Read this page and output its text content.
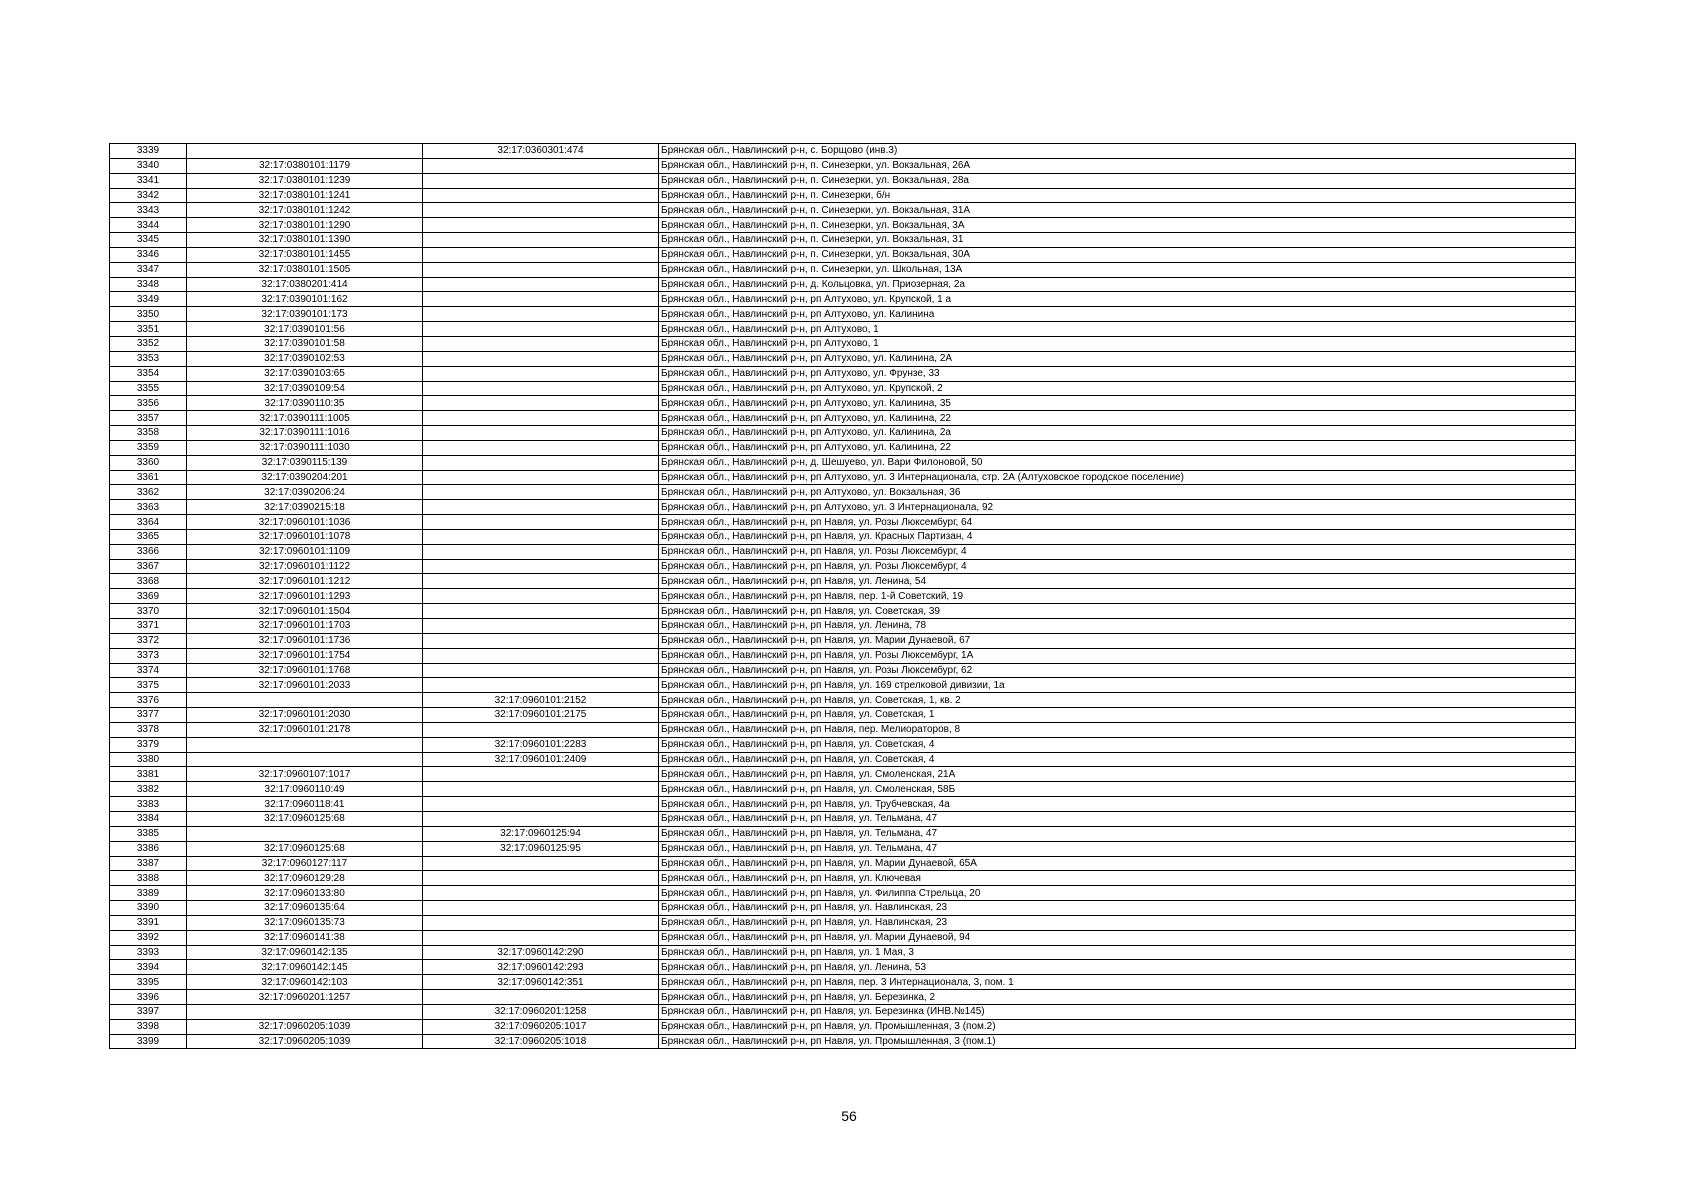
3339		32:17:0360301:474	Брянская обл., Навлинский р-н, с. Борщово (инв.3)
3340	32:17:0380101:1179		Брянская обл., Навлинский р-н, п. Синезерки, ул. Вокзальная, 26А
3341	32:17:0380101:1239		Брянская обл., Навлинский р-н, п. Синезерки, ул. Вокзальная, 28а
3342	32:17:0380101:1241		Брянская обл., Навлинский р-н, п. Синезерки, б/н
3343	32:17:0380101:1242		Брянская обл., Навлинский р-н, п. Синезерки, ул. Вокзальная, 31А
3344	32:17:0380101:1290		Брянская обл., Навлинский р-н, п. Синезерки, ул. Вокзальная, 3А
3345	32:17:0380101:1390		Брянская обл., Навлинский р-н, п. Синезерки, ул. Вокзальная, 31
3346	32:17:0380101:1455		Брянская обл., Навлинский р-н, п. Синезерки, ул. Вокзальная, 30А
3347	32:17:0380101:1505		Брянская обл., Навлинский р-н, п. Синезерки, ул. Школьная, 13А
3348	32:17:0380201:414		Брянская обл., Навлинский р-н, д. Кольцовка, ул. Приозерная, 2а
3349	32:17:0390101:162		Брянская обл., Навлинский р-н, рп Алтухово, ул. Крупской, 1 а
3350	32:17:0390101:173		Брянская обл., Навлинский р-н, рп Алтухово, ул. Калинина
3351	32:17:0390101:56		Брянская обл., Навлинский р-н, рп Алтухово, 1
3352	32:17:0390101:58		Брянская обл., Навлинский р-н, рп Алтухово, 1
3353	32:17:0390102:53		Брянская обл., Навлинский р-н, рп Алтухово, ул. Калинина, 2А
3354	32:17:0390103:65		Брянская обл., Навлинский р-н, рп Алтухово, ул. Фрунзе, 33
3355	32:17:0390109:54		Брянская обл., Навлинский р-н, рп Алтухово, ул. Крупской, 2
3356	32:17:0390110:35		Брянская обл., Навлинский р-н, рп Алтухово, ул. Калинина, 35
3357	32:17:0390111:1005		Брянская обл., Навлинский р-н, рп Алтухово, ул. Калинина, 22
3358	32:17:0390111:1016		Брянская обл., Навлинский р-н, рп Алтухово, ул. Калинина, 2а
3359	32:17:0390111:1030		Брянская обл., Навлинский р-н, рп Алтухово, ул. Калинина, 22
3360	32:17:0390115:139		Брянская обл., Навлинский р-н, д. Шешуево, ул. Вари Филоновой, 50
3361	32:17:0390204:201		Брянская обл., Навлинский р-н, рп Алтухово, ул. 3 Интернационала, стр. 2А (Алтуховское городское поселение)
3362	32:17:0390206:24		Брянская обл., Навлинский р-н, рп Алтухово, ул. Вокзальная, 36
3363	32:17:0390215:18		Брянская обл., Навлинский р-н, рп Алтухово, ул. 3 Интернационала, 92
3364	32:17:0960101:1036		Брянская обл., Навлинский р-н, рп Навля, ул. Розы Люксембург, 64
3365	32:17:0960101:1078		Брянская обл., Навлинский р-н, рп Навля, ул. Красных Партизан, 4
3366	32:17:0960101:1109		Брянская обл., Навлинский р-н, рп Навля, ул. Розы Люксембург, 4
3367	32:17:0960101:1122		Брянская обл., Навлинский р-н, рп Навля, ул. Розы Люксембург, 4
3368	32:17:0960101:1212		Брянская обл., Навлинский р-н, рп Навля, ул. Ленина, 54
3369	32:17:0960101:1293		Брянская обл., Навлинский р-н, рп Навля, пер. 1-й Советский, 19
3370	32:17:0960101:1504		Брянская обл., Навлинский р-н, рп Навля, ул. Советская, 39
3371	32:17:0960101:1703		Брянская обл., Навлинский р-н, рп Навля, ул. Ленина, 78
3372	32:17:0960101:1736		Брянская обл., Навлинский р-н, рп Навля, ул. Марии Дунаевой, 67
3373	32:17:0960101:1754		Брянская обл., Навлинский р-н, рп Навля, ул. Розы Люксембург, 1А
3374	32:17:0960101:1768		Брянская обл., Навлинский р-н, рп Навля, ул. Розы Люксембург, 62
3375	32:17:0960101:2033		Брянская обл., Навлинский р-н, рп Навля, ул. 169 стрелковой дивизии, 1а
3376		32:17:0960101:2152	Брянская обл., Навлинский р-н, рп Навля, ул. Советская, 1, кв. 2
3377	32:17:0960101:2030	32:17:0960101:2175	Брянская обл., Навлинский р-н, рп Навля, ул. Советская, 1
3378	32:17:0960101:2178		Брянская обл., Навлинский р-н, рп Навля, пер. Мелиораторов, 8
3379		32:17:0960101:2283	Брянская обл., Навлинский р-н, рп Навля, ул. Советская, 4
3380		32:17:0960101:2409	Брянская обл., Навлинский р-н, рп Навля, ул. Советская, 4
3381	32:17:0960107:1017		Брянская обл., Навлинский р-н, рп Навля, ул. Смоленская, 21А
3382	32:17:0960110:49		Брянская обл., Навлинский р-н, рп Навля, ул. Смоленская, 58Б
3383	32:17:0960118:41		Брянская обл., Навлинский р-н, рп Навля, ул. Трубчевская, 4а
3384	32:17:0960125:68		Брянская обл., Навлинский р-н, рп Навля, ул. Тельмана, 47
3385		32:17:0960125:94	Брянская обл., Навлинский р-н, рп Навля, ул. Тельмана, 47
3386	32:17:0960125:68	32:17:0960125:95	Брянская обл., Навлинский р-н, рп Навля, ул. Тельмана, 47
3387	32:17:0960127:117		Брянская обл., Навлинский р-н, рп Навля, ул. Марии Дунаевой, 65А
3388	32:17:0960129:28		Брянская обл., Навлинский р-н, рп Навля, ул. Ключевая
3389	32:17:0960133:80		Брянская обл., Навлинский р-н, рп Навля, ул. Филиппа Стрельца, 20
3390	32:17:0960135:64		Брянская обл., Навлинский р-н, рп Навля, ул. Навлинская, 23
3391	32:17:0960135:73		Брянская обл., Навлинский р-н, рп Навля, ул. Навлинская, 23
3392	32:17:0960141:38		Брянская обл., Навлинский р-н, рп Навля, ул. Марии Дунаевой, 94
3393	32:17:0960142:135	32:17:0960142:290	Брянская обл., Навлинский р-н, рп Навля, ул. 1 Мая, 3
3394	32:17:0960142:145	32:17:0960142:293	Брянская обл., Навлинский р-н, рп Навля, ул. Ленина, 53
3395	32:17:0960142:103	32:17:0960142:351	Брянская обл., Навлинский р-н, рп Навля, пер. 3 Интернационала, 3, пом. 1
3396	32:17:0960201:1257		Брянская обл., Навлинский р-н, рп Навля, ул. Березинка, 2
3397		32:17:0960201:1258	Брянская обл., Навлинский р-н, рп Навля, ул. Березинка (ИНВ.№145)
3398	32:17:0960205:1039	32:17:0960205:1017	Брянская обл., Навлинский р-н, рп Навля, ул. Промышленная, 3 (пом.2)
3399	32:17:0960205:1039	32:17:0960205:1018	Брянская обл., Навлинский р-н, рп Навля, ул. Промышленная, 3 (пом.1)
56
